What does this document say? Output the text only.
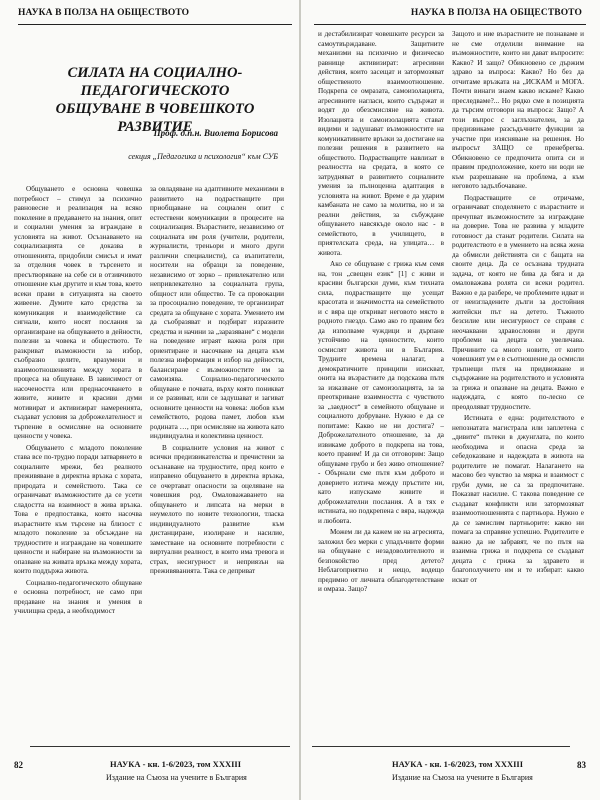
НАУКА В ПОЛЗА НА ОБЩЕСТВОТО
СИЛАТА НА СОЦИАЛНО-ПЕДАГОГИЧЕСКОТО ОБЩУВАНЕ В ЧОВЕШКОТО РАЗВИТИЕ
Проф. д.п.н. Виолета Борисова
секция „Педагогика и психология“ към СУБ

Общуването е основна човешка потребност – стимул за психично равновесие и реализация на всяко поколение в предаването на знания, опит и социални умения за вграждане в условията на живот. Осъзнаването на социализацията се доказва в отношенията, придобили смисъл и имат за отделния човек в търсенето и пресътворяване на себе си в отзивчивото отношение към другите и към това, което всеки прави в ситуацията на своето живеене. Думите като средства за комуникация и взаимодействие са сигнали, които носят послания за организиране на общуването в дейности, полезни за човека и обществото. Те разкриват възможности за избор, съобразно целите, вразумени и взаимоотношенията между хората в процеса на общуване. В зависимост от насочеността или преднасочването в живите, живите и красиви думи мотивират и активизират намеренията, създават условия за доброжелателност и търпение в осмисляне на основните ценности у човека.

Общуването с младото поколение става все по-трудно поради затварянето в социалните мрежи, без реалното преживяване в директна връзка с хората, природата и семейството. Така се ограничават възможностите да се усети сладостта на взаимност в жива връзка. Това е предпоставка, която насочва възрастните към търсене на близост с младото поколение за обсъждане на трудностите и изграждане на човешките ценности и набиране на възможности за опазване на живата връзка между хората, които поддържа живота.

Социално-педагогическото общуване е основна потребност, не само при предаване на знания и умения в училищна среда, а необходимост

за овладяване на адаптивните механизми в развитието на подрастващите при приобщаване на социален опит с естествени комуникации в процесите на социализация. Възрастните, независимо от социалната им роля (учители, родители, журналисти, треньори и много други различни специалисти), са възпитатели, носители на образци за поведение, независимо от зорко – привлекателно или непривлекателно за социалната група, общност или общество. Те са провокации за просоциално поведение, те организират средата за общуване с хората. Умението им да съобразяват и подбират изразните средства и начини за „заразяване“ с модели на поведение играят важна роля при ориентиране и насочване на децата към полезна информация и избор на дейности, балансиране с възможностите им за самоизява. Социално-педагогическото общуване е почвата, върху която поникват и се развиват, или се задушават и загиват основните ценности на човека: любов към семейството, родова памет, любов към родината …, при осмисляне на живота като индивидуална и колективна ценност.

В социалните условия на живот с всички предизвикателства и пречистени за осъзнаване на трудностите, пред които е изправено общуването в директна връзка, се очертават опасности за оцеляване на човешкия род. Омаловажаването на общуването и липсата на мерки в неумелото по новите технологии, тласка индивидуалното развитие към дистанциране, изолиране и насилие, заместване на основните потребности с виртуални реалност, в които има тревога и страх, несигурност и неприязън на преживяванията. Така се деприват

82	НАУКА - кн. 1-6/2023, том XXXIII
Издание на Съюза на учените в България
НАУКА В ПОЛЗА НА ОБЩЕСТВОТО

и дестабилизират човешките ресурси за самоутвърждаване. Защитните механизми на психично и физическо равнище активизират: агресивни действия, които засещат и затормозяват общественото взаимоотношение. Подкрепа се омразата, самоизолацията, агресивните нагласи, които съдържат и водят до обезсмисляне на живота. Изолацията и самоизолацията стават видими и задушават възможностите на комуникативните връзки за достигане на полезни решения в развитието на обществото. Подрастващите навлизат в реалността на средата, в която се затрудняват в развитието социалните умения за пълноценна адаптация в условията на живот. Време е да ударим камбаната не само за молитва, но и за реални действия, за събуждане общуването навсякъде около нас - в семейството, в училището, в приятелската среда, на улицата… в живота.

Ако се общуване с грижа към семя на, тон „свещен език“ [1] с живи и красиви български думи, към тихната сила, подрастващите ще усещат красотата и значимостта на семейството и с вяра ще откриват неговото място в родното гнездо. Само ако го правим без да изполваме чуждици и дърпане устойчиво на ценностите, които осмислят живота ни в България. Трудните времена налагат, а демократичните принципи изискват, онита на възрастните да подсказва пътя за изказване от самоизолацията, за за преоткриване взаимността с чувството за „заедност“ в семейното общуване и социалното добруване. Нужно е да се попитаме: Какво не ни достига? – Доброжелателното отношение, за да извикаме доброто в подкрепа на това, което правим! И да си отговорим: Защо общуваме грубо и без живо отношение? - Обърнали сме пътя към доброто и доверието изтича между пръстите ни, като изпускаме живите и доброжелателни послания. А в тях е истината, но подкрепена с вяра, надежда и любовта.

Можем ли да кажем не на агресията, заложил без мерки с упадъчните форми на общуване с незадоволителното и безпокойство пред детето? Неблагоприятно и нещо, водещо предимно от личната облагодетелстване и омраза. Защо?

Защото и ние възрастните не познаваме и не сме отделили внимание на възможностите, които ни дават въпросите: Какво? И защо? Обикновено се държим здраво за въпроса: Какво? Но без да отчитаме връзката на „ИСКАМ и МОГА. Почти винаги знаем какво искаме? Какво преследваме?... Но рядко сме в позицията да търсим отговори на въпроса: Защо? А този въпрос с заглъхнателен, за да предизвикаме разсъдъчните функции за участие при изясняване на решения. Но въпросът ЗАЩО се пренебрегва. Обикновено се предпочита опита си и правим предположение, което ни води не към разрешаване на проблема, а към неговото задълбочаване.

Подрастващите се отричаме, ограничават споделянето с възрастните и пречупват възможностите за изграждане на доверие. Това не развива у младите готовност да станат родители. Силата на родителството е в умението на всяка жена да обмисли действията си с бащата на своите деца. Да се осъзнава трудната задача, от която не бива да бяга и да омаловажава ролята си всеки родител. Важно е да разбере, че проблемите идват и от неизгладените дълги за достойния житейски път на детето. Тъжното безсилие или несигурност се справя с неочаквани здравословни и други проблеми на децата се увеличава. Причините са много новите, от които човешкият ум е в съотношение да осмисли тръпнещи пътя на придвижване и съдържание на родителството и условията за грижа и опазване на децата. Важно е надеждата, с която по-лесно се преодоляват трудностите.

Истината е една: родителството е непознатата магистрала или заплетена с „дивите“ пътеки в джунглата, по които необходима и опасна среда за себедоказване и надеждата в живота на родителите не помагат. Налагането на масово без чувство за мярка и взаимост с груби думи, не са за предпочитане. Показват насилие. С такова поведение се създават конфликти или затормозяват взаимоотношенията с партньора. Нужно е да се замислим партньорите: какво ни помага за справяне успешно. Родителите е важно да не забравят, че по пътя на взаимна грижа и подкрепа се създават децата с грижа за здравето и благополучието им и те избират: какво искат от

НАУКА - кн. 1-6/2023, том XXXIII
Издание на Съюза на учените в България
83
